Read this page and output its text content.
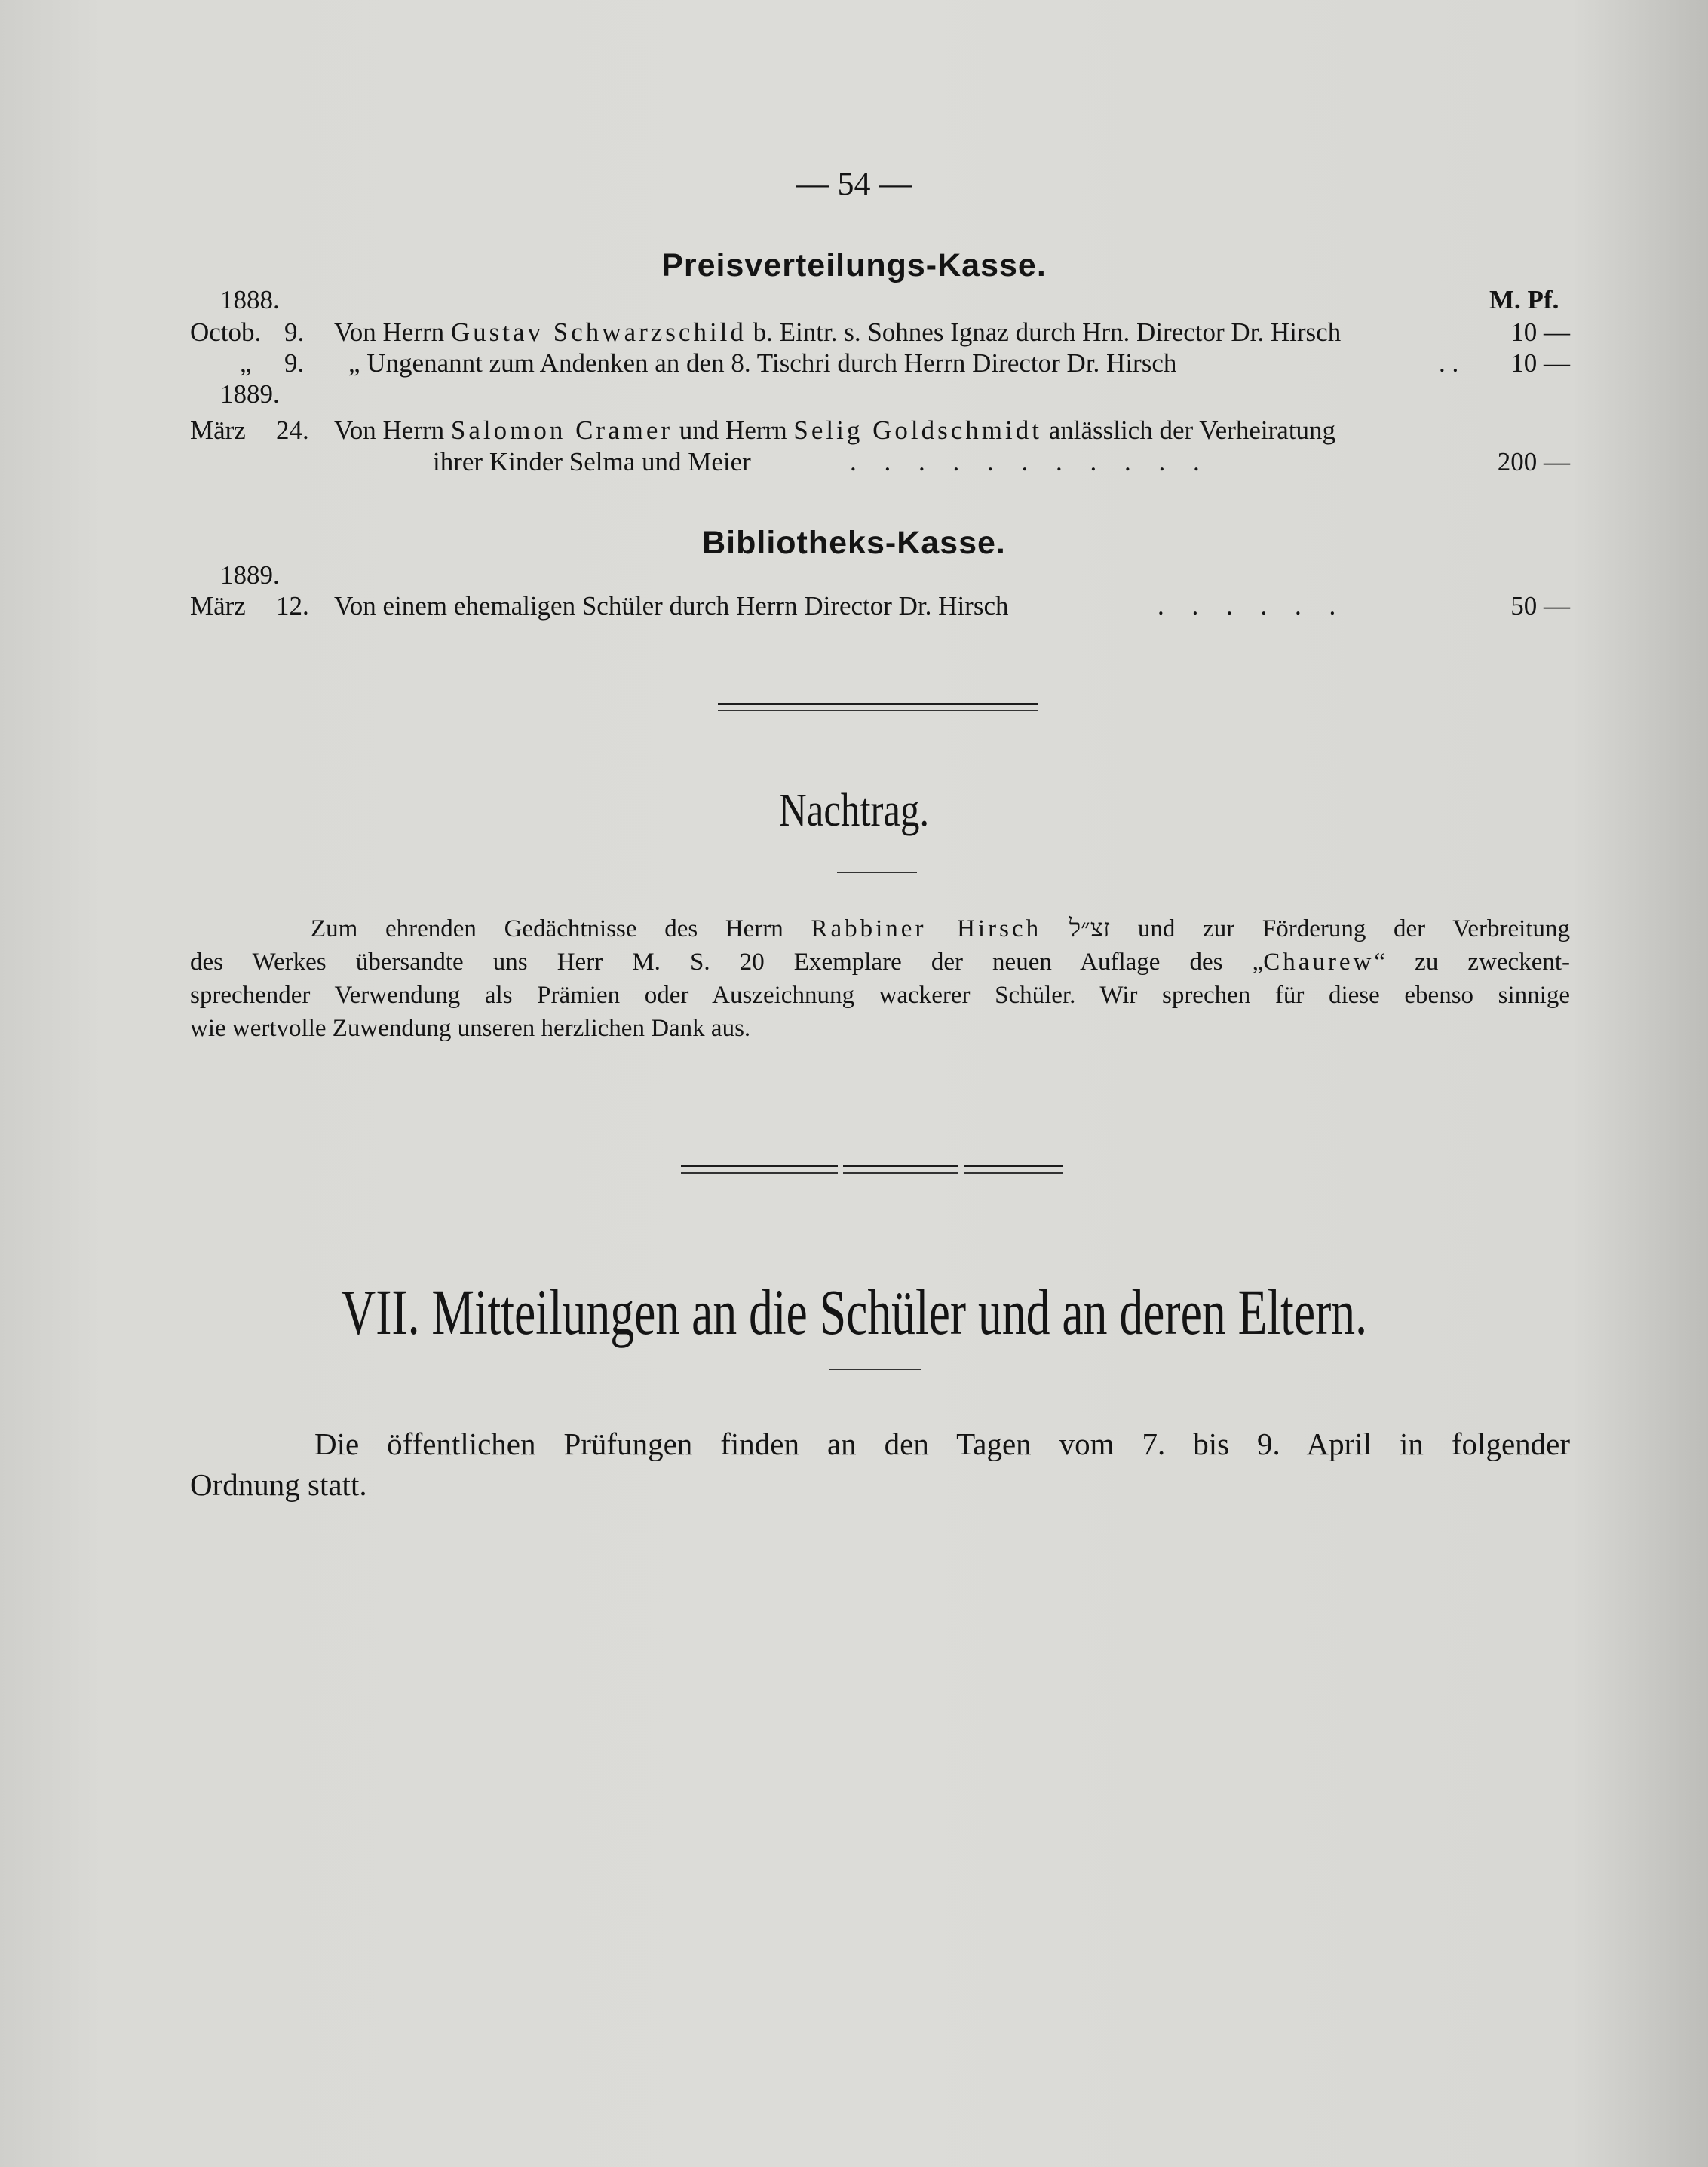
— 54 —
Preisverteilungs-Kasse.
1888.	M. Pf.
Octob. 9. Von Herrn Gustav Schwarzschild b. Eintr. s. Sohnes Ignaz durch Hrn. Director Dr. Hirsch	10 —
„ 9. „ Ungenannt zum Andenken an den 8. Tischri durch Herrn Director Dr. Hirsch	. .	10 —
1889.
März 24. Von Herrn Salomon Cramer und Herrn Selig Goldschmidt anlässlich der Verheiratung
ihrer Kinder Selma und Meier	. . . . . . . . . . .	200 —
Bibliotheks-Kasse.
1889.
März 12. Von einem ehemaligen Schüler durch Herrn Director Dr. Hirsch	. . . . . .	50 —
Nachtrag.
Zum ehrenden Gedächtnisse des Herrn Rabbiner Hirsch זצ״ל und zur Förderung der Verbreitung
des Werkes übersandte uns Herr M. S. 20 Exemplare der neuen Auflage des „Chaurew“ zu zweckent-
sprechender Verwendung als Prämien oder Auszeichnung wackerer Schüler. Wir sprechen für diese ebenso sinnige
wie wertvolle Zuwendung unseren herzlichen Dank aus.
VII. Mitteilungen an die Schüler und an deren Eltern.
Die öffentlichen Prüfungen finden an den Tagen vom 7. bis 9. April in folgender
Ordnung statt.
